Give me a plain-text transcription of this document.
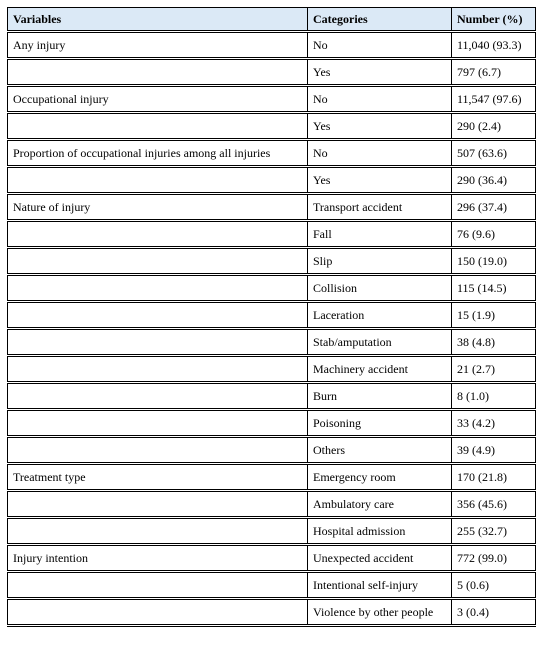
Variables	Categories	Number (%)
Any injury	No	11,040 (93.3)
	Yes	797 (6.7)
Occupational injury	No	11,547 (97.6)
	Yes	290 (2.4)
Proportion of occupational injuries among all injuries	No	507 (63.6)
	Yes	290 (36.4)
Nature of injury	Transport accident	296 (37.4)
	Fall	76 (9.6)
	Slip	150 (19.0)
	Collision	115 (14.5)
	Laceration	15 (1.9)
	Stab/amputation	38 (4.8)
	Machinery accident	21 (2.7)
	Burn	8 (1.0)
	Poisoning	33 (4.2)
	Others	39 (4.9)
Treatment type	Emergency room	170 (21.8)
	Ambulatory care	356 (45.6)
	Hospital admission	255 (32.7)
Injury intention	Unexpected accident	772 (99.0)
	Intentional self-injury	5 (0.6)
	Violence by other people	3 (0.4)
